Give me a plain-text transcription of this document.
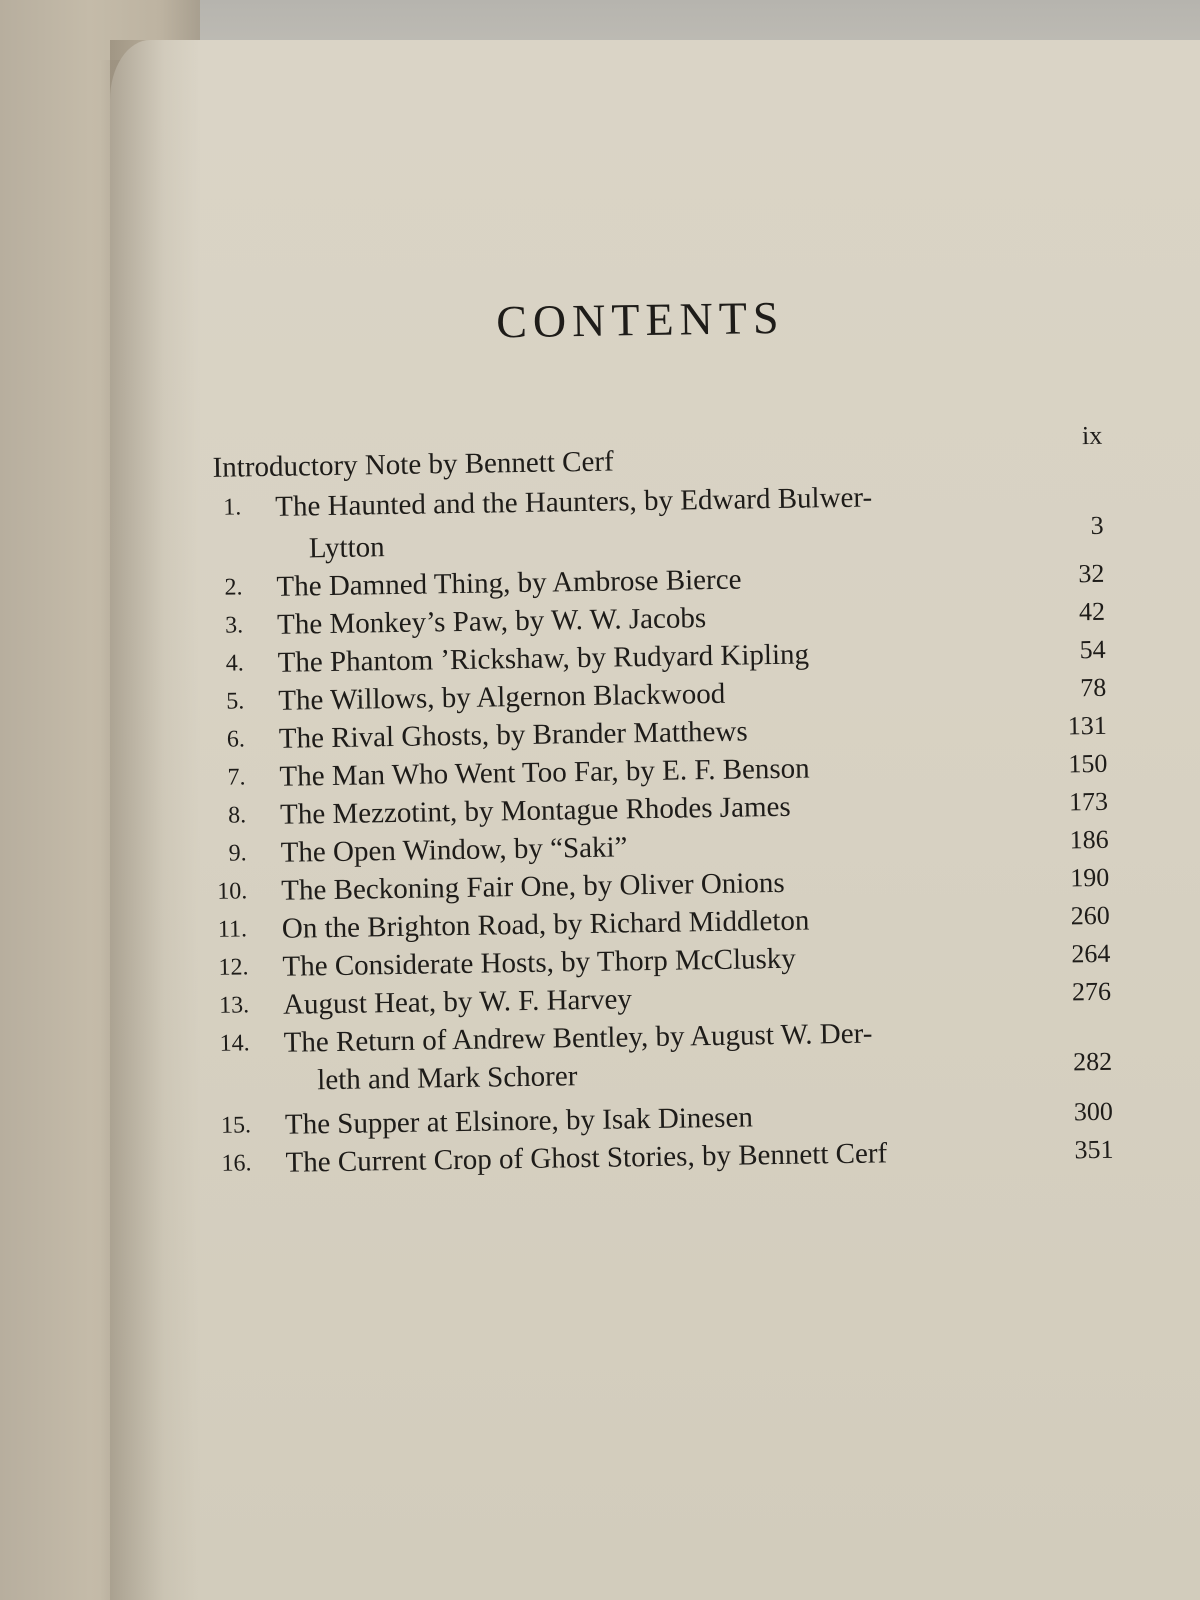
CONTENTS
Introductory Note by Bennett Cerf
ix
1.	The Haunted and the Haunters, by Edward Bulwer-
Lytton
3
2.	The Damned Thing, by Ambrose Bierce	32
3.	The Monkey’s Paw, by W. W. Jacobs	42
4.	The Phantom ’Rickshaw, by Rudyard Kipling	54
5.	The Willows, by Algernon Blackwood	78
6.	The Rival Ghosts, by Brander Matthews	131
7.	The Man Who Went Too Far, by E. F. Benson	150
8.	The Mezzotint, by Montague Rhodes James	173
9.	The Open Window, by “Saki”	186
10.	The Beckoning Fair One, by Oliver Onions	190
11.	On the Brighton Road, by Richard Middleton	260
12.	The Considerate Hosts, by Thorp McClusky	264
13.	August Heat, by W. F. Harvey	276
14.	The Return of Andrew Bentley, by August W. Der-
leth and Mark Schorer	282
15.	The Supper at Elsinore, by Isak Dinesen	300
16.	The Current Crop of Ghost Stories, by Bennett Cerf	351
